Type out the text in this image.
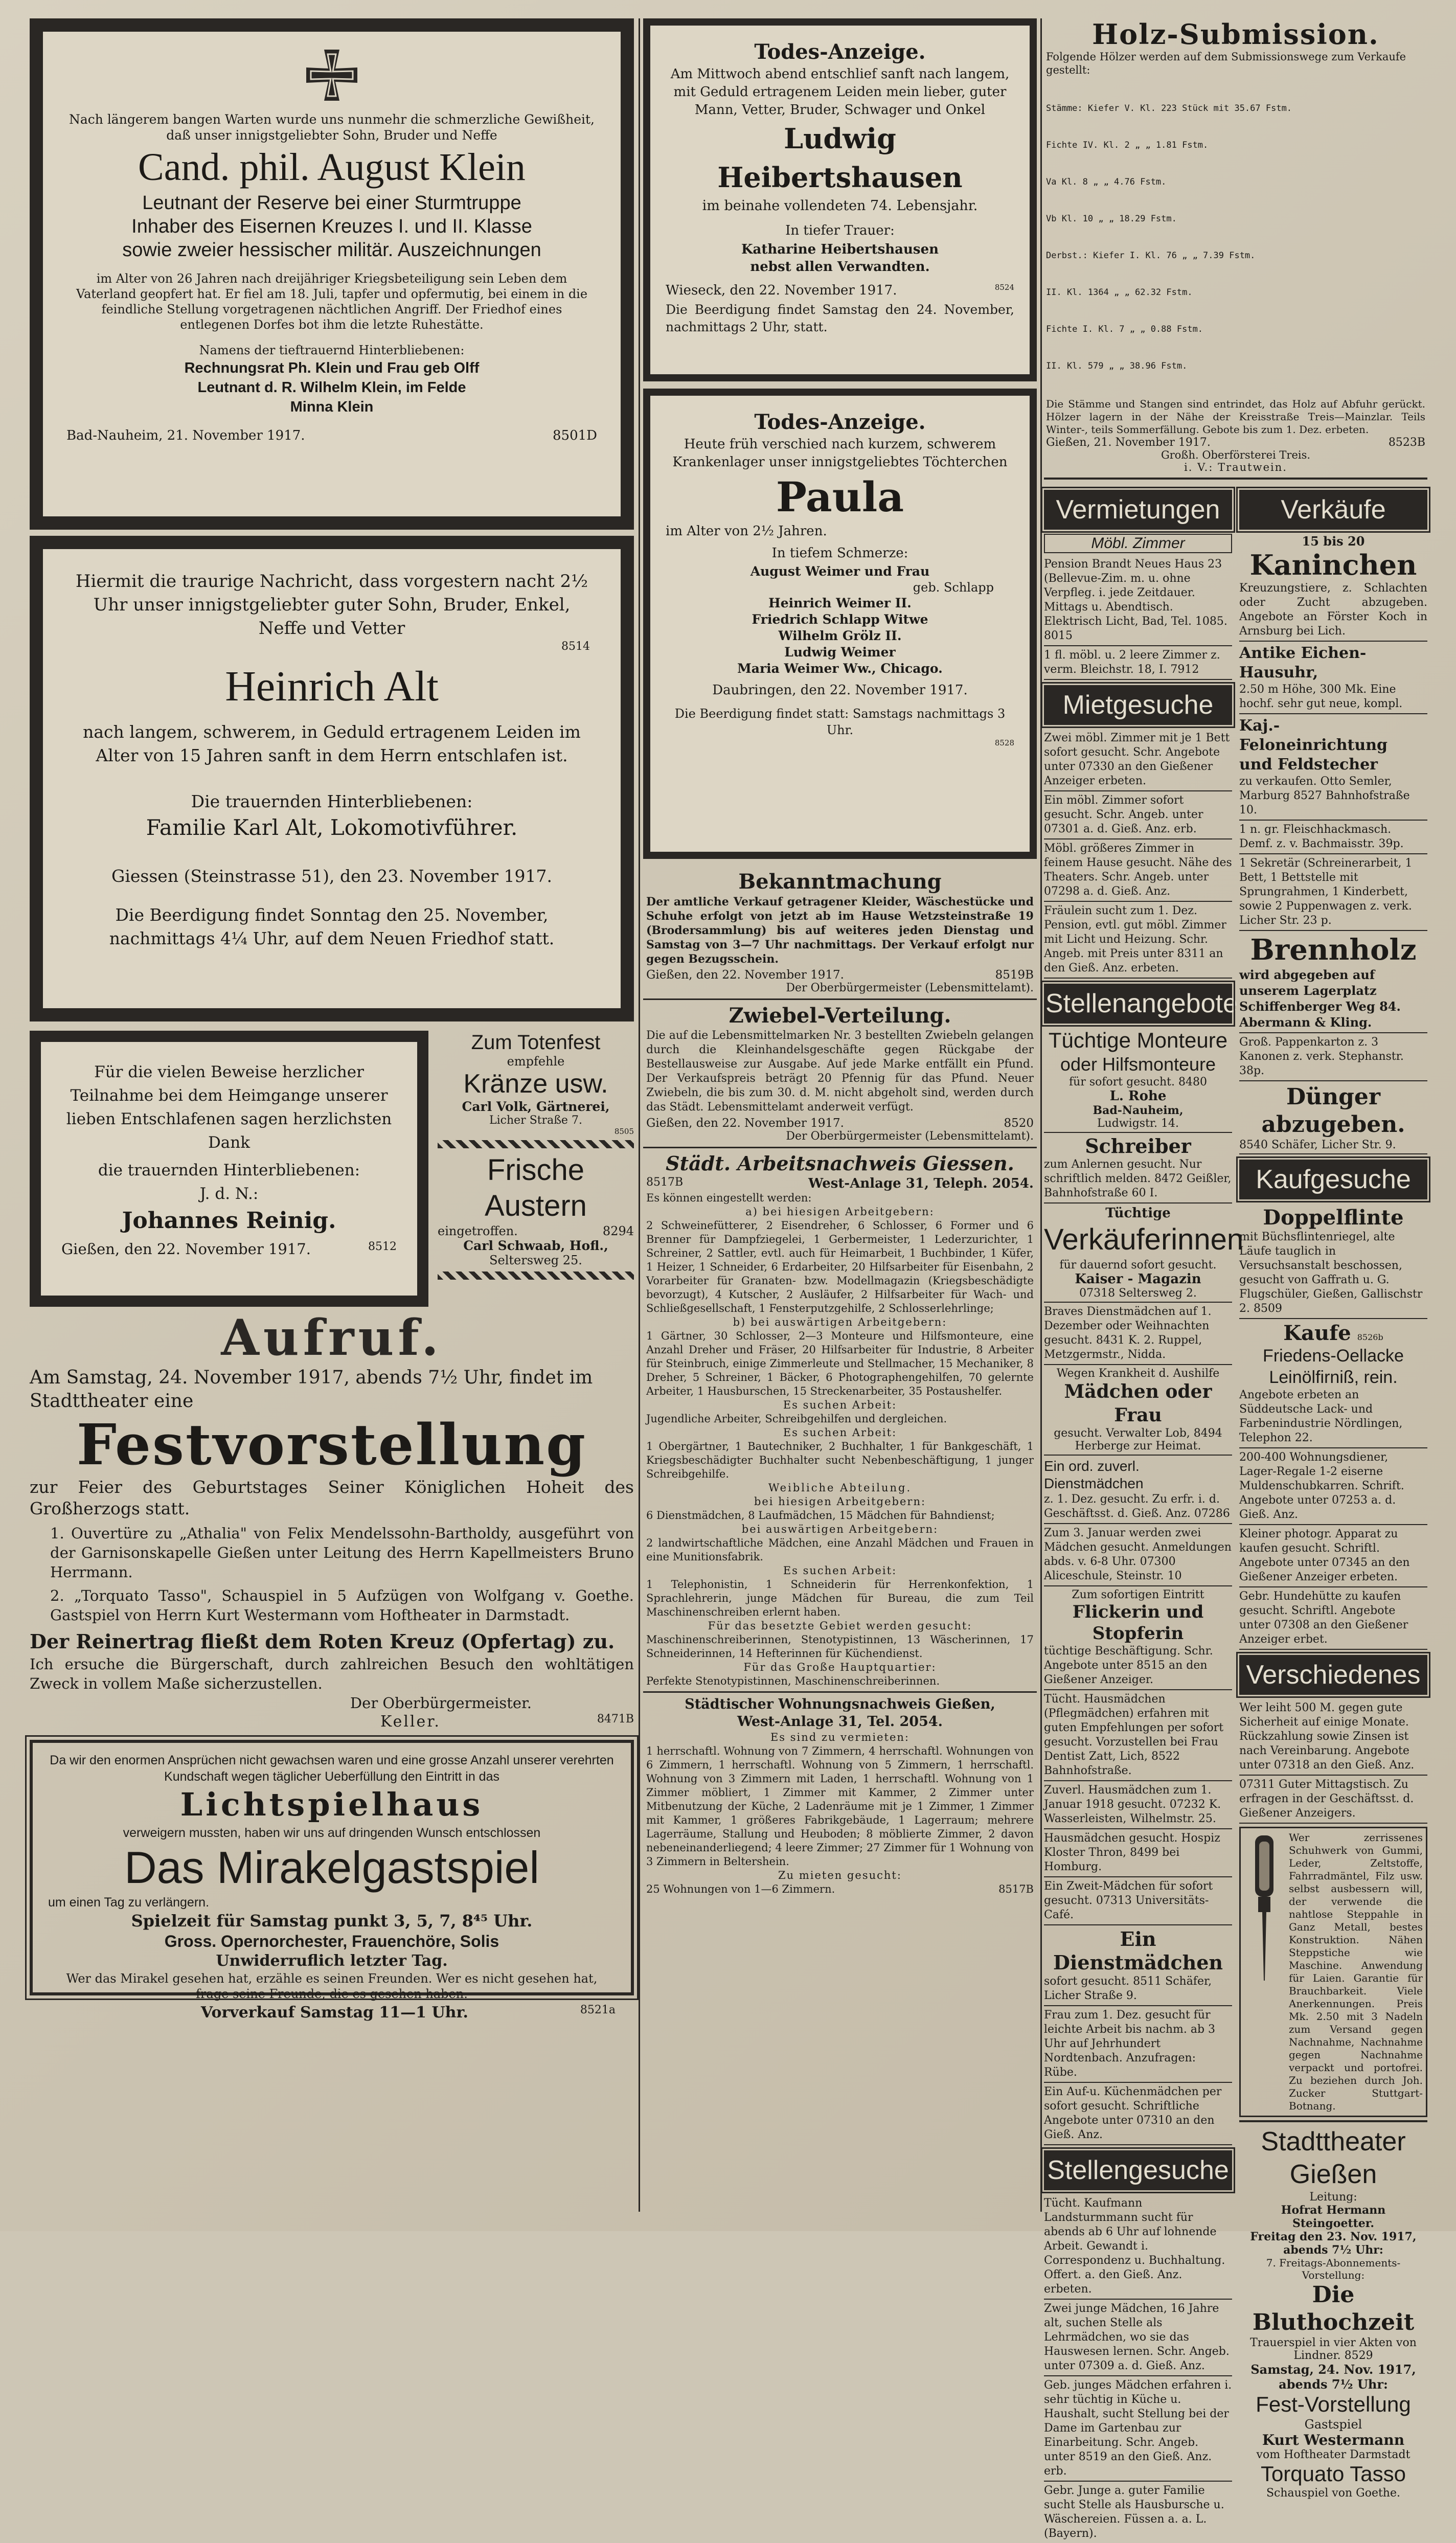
Nach längerem bangen Warten wurde uns nunmehr die schmerzliche Gewißheit, daß unser innigstgeliebter Sohn, Bruder und Neffe

Cand. phil. August Klein

Leutnant der Reserve bei einer Sturmtruppe

Inhaber des Eisernen Kreuzes I. und II. Klasse

sowie zweier hessischer militär. Auszeichnungen

im Alter von 26 Jahren nach dreijähriger Kriegsbeteiligung sein Leben dem Vaterland geopfert hat. Er fiel am 18. Juli, tapfer und opfermutig, bei einem in die feindliche Stellung vorgetragenen nächtlichen Angriff. Der Friedhof eines entlegenen Dorfes bot ihm die letzte Ruhestätte.

Namens der tieftrauernd Hinterbliebenen:

Rechnungsrat Ph. Klein und Frau geb Olff

Leutnant d. R. Wilhelm Klein, im Felde

Minna Klein

Bad-Nauheim, 21. November 1917.	8501D

Hiermit die traurige Nachricht, dass vorgestern nacht 2½ Uhr unser innigstgeliebter guter Sohn, Bruder, Enkel, Neffe und Vetter

8514

Heinrich Alt

nach langem, schwerem, in Geduld ertragenem Leiden im Alter von 15 Jahren sanft in dem Herrn entschlafen ist.

Die trauernden Hinterbliebenen:

Familie Karl Alt, Lokomotivführer.

Giessen (Steinstrasse 51), den 23. November 1917.

Die Beerdigung findet Sonntag den 25. November, nachmittags 4¼ Uhr, auf dem Neuen Friedhof statt.

Für die vielen Beweise herzlicher Teilnahme bei dem Heimgange unserer lieben Entschlafenen sagen herzlichsten Dank

die trauernden Hinterbliebenen:

J. d. N.:

Johannes Reinig.

Gießen, den 22. November 1917.	8512

Zum Totenfest

empfehle

Kränze usw.

Carl Volk, Gärtnerei,

Licher Straße 7.

8505

Frische Austern

eingetroffen.	8294

Carl Schwaab, Hofl.,

Seltersweg 25.

Aufruf.

Am Samstag, 24. November 1917, abends 7½ Uhr, findet im Stadttheater eine

Festvorstellung

zur Feier des Geburtstages Seiner Königlichen Hoheit des Großherzogs statt.

1. Ouvertüre zu „Athalia" von Felix Mendelssohn-Bartholdy, ausgeführt von der Garnisonskapelle Gießen unter Leitung des Herrn Kapellmeisters Bruno Herrmann.

2. „Torquato Tasso", Schauspiel in 5 Aufzügen von Wolfgang v. Goethe. Gastspiel von Herrn Kurt Westermann vom Hoftheater in Darmstadt.

Der Reinertrag fließt dem Roten Kreuz (Opfertag) zu.

Ich ersuche die Bürgerschaft, durch zahlreichen Besuch den wohltätigen Zweck in vollem Maße sicherzustellen.

Der Oberbürgermeister.

Keller.	8471B

Da wir den enormen Ansprüchen nicht gewachsen waren und eine grosse Anzahl unserer verehrten Kundschaft wegen täglicher Ueberfüllung den Eintritt in das

Lichtspielhaus

verweigern mussten, haben wir uns auf dringenden Wunsch entschlossen

Das Mirakelgastspiel

um einen Tag zu verlängern.

Spielzeit für Samstag punkt 3, 5, 7, 8⁴⁵ Uhr.

Gross. Opernorchester, Frauenchöre, Solis

Unwiderruflich letzter Tag.

Wer das Mirakel gesehen hat, erzähle es seinen Freunden. Wer es nicht gesehen hat, frage seine Freunde, die es gesehen haben.

Vorverkauf Samstag 11—1 Uhr.	8521a

Todes-Anzeige.

Am Mittwoch abend entschlief sanft nach langem, mit Geduld ertragenem Leiden mein lieber, guter Mann, Vetter, Bruder, Schwager und Onkel

Ludwig Heibertshausen

im beinahe vollendeten 74. Lebensjahr.

In tiefer Trauer:

Katharine Heibertshausen

nebst allen Verwandten.

Wieseck, den 22. November 1917.	8524

Die Beerdigung findet Samstag den 24. November, nachmittags 2 Uhr, statt.

Todes-Anzeige.

Heute früh verschied nach kurzem, schwerem Krankenlager unser innigstgeliebtes Töchterchen

Paula

im Alter von 2½ Jahren.

In tiefem Schmerze:

August Weimer und Frau

geb. Schlapp

Heinrich Weimer II.

Friedrich Schlapp Witwe

Wilhelm Grölz II.

Ludwig Weimer

Maria Weimer Ww., Chicago.

Daubringen, den 22. November 1917.

Die Beerdigung findet statt: Samstags nachmittags 3 Uhr.

8528

Bekanntmachung

Der amtliche Verkauf getragener Kleider, Wäschestücke und Schuhe erfolgt von jetzt ab im Hause Wetzsteinstraße 19 (Brodersammlung) bis auf weiteres jeden Dienstag und Samstag von 3—7 Uhr nachmittags. Der Verkauf erfolgt nur gegen Bezugsschein.

Gießen, den 22. November 1917.	8519B

Der Oberbürgermeister (Lebensmittelamt).

Zwiebel-Verteilung.

Die auf die Lebensmittelmarken Nr. 3 bestellten Zwiebeln gelangen durch die Kleinhandelsgeschäfte gegen Rückgabe der Bestellausweise zur Ausgabe. Auf jede Marke entfällt ein Pfund. Der Verkaufspreis beträgt 20 Pfennig für das Pfund. Neuer Zwiebeln, die bis zum 30. d. M. nicht abgeholt sind, werden durch das Städt. Lebensmittelamt anderweit verfügt.

Gießen, den 22. November 1917.	8520

Der Oberbürgermeister (Lebensmittelamt).

Städt. Arbeitsnachweis Giessen.

8517B	West-Anlage 31, Teleph. 2054.

Es können eingestellt werden:

a) bei hiesigen Arbeitgebern:

2 Schweinefütterer, 2 Eisendreher, 6 Schlosser, 6 Former und 6 Brenner für Dampfziegelei, 1 Gerbermeister, 1 Lederzurichter, 1 Schreiner, 2 Sattler, evtl. auch für Heimarbeit, 1 Buchbinder, 1 Küfer, 1 Heizer, 1 Schneider, 6 Erdarbeiter, 20 Hilfsarbeiter für Eisenbahn, 2 Vorarbeiter für Granaten- bzw. Modellmagazin (Kriegsbeschädigte bevorzugt), 4 Kutscher, 2 Ausläufer, 2 Hilfsarbeiter für Wach- und Schließgesellschaft, 1 Fensterputzgehilfe, 2 Schlosserlehrlinge;

b) bei auswärtigen Arbeitgebern:

1 Gärtner, 30 Schlosser, 2—3 Monteure und Hilfsmonteure, eine Anzahl Dreher und Fräser, 20 Hilfsarbeiter für Industrie, 8 Arbeiter für Steinbruch, einige Zimmerleute und Stellmacher, 15 Mechaniker, 8 Dreher, 5 Schreiner, 1 Bäcker, 6 Photographengehilfen, 70 gelernte Arbeiter, 1 Hausburschen, 15 Streckenarbeiter, 35 Postaushelfer.

Es suchen Arbeit:

Jugendliche Arbeiter, Schreibgehilfen und dergleichen.

Es suchen Arbeit:

1 Obergärtner, 1 Bautechniker, 2 Buchhalter, 1 für Bankgeschäft, 1 Kriegsbeschädigter Buchhalter sucht Nebenbeschäftigung, 1 junger Schreibgehilfe.

Weibliche Abteilung.

bei hiesigen Arbeitgebern:

6 Dienstmädchen, 8 Laufmädchen, 15 Mädchen für Bahndienst;

bei auswärtigen Arbeitgebern:

2 landwirtschaftliche Mädchen, eine Anzahl Mädchen und Frauen in eine Munitionsfabrik.

Es suchen Arbeit:

1 Telephonistin, 1 Schneiderin für Herrenkonfektion, 1 Sprachlehrerin, junge Mädchen für Bureau, die zum Teil Maschinenschreiben erlernt haben.

Für das besetzte Gebiet werden gesucht:

Maschinenschreiberinnen, Stenotypistinnen, 13 Wäscherinnen, 17 Schneiderinnen, 14 Hefterinnen für Küchendienst.

Für das Große Hauptquartier:

Perfekte Stenotypistinnen, Maschinenschreiberinnen.

Städtischer Wohnungsnachweis Gießen,

West-Anlage 31, Tel. 2054.

Es sind zu vermieten:

1 herrschaftl. Wohnung von 7 Zimmern, 4 herrschaftl. Wohnungen von 6 Zimmern, 1 herrschaftl. Wohnung von 5 Zimmern, 1 herrschaftl. Wohnung von 3 Zimmern mit Laden, 1 herrschaftl. Wohnung von 1 Zimmer möbliert, 1 Zimmer mit Kammer, 2 Zimmer unter Mitbenutzung der Küche, 2 Ladenräume mit je 1 Zimmer, 1 Zimmer mit Kammer, 1 größeres Fabrikgebäude, 1 Lagerraum; mehrere Lagerräume, Stallung und Heuboden; 8 möblierte Zimmer, 2 davon nebeneinanderliegend; 4 leere Zimmer; 27 Zimmer für 1 Wohnung von 3 Zimmern in Beltershein.

Zu mieten gesucht:

25 Wohnungen von 1—6 Zimmern.	8517B

Holz-Submission.

Folgende Hölzer werden auf dem Submissionswege zum Verkaufe gestellt:

Stämme: Kiefer V. Kl. 223 Stück mit 35.67 Fstm.

Fichte IV. Kl. 2 „ „ 1.81 Fstm.

Va Kl. 8 „ „ 4.76 Fstm.

Vb Kl. 10 „ „ 18.29 Fstm.

Derbst.: Kiefer I. Kl. 76 „ „ 7.39 Fstm.

II. Kl. 1364 „ „ 62.32 Fstm.

Fichte I. Kl. 7 „ „ 0.88 Fstm.

II. Kl. 579 „ „ 38.96 Fstm.

Die Stämme und Stangen sind entrindet, das Holz auf Abfuhr gerückt. Hölzer lagern in der Nähe der Kreisstraße Treis—Mainzlar. Teils Winter-, teils Sommerfällung. Gebote bis zum 1. Dez. erbeten.

Gießen, 21. November 1917.	8523B

Großh. Oberförsterei Treis.

i. V.: Trautwein.

Vermietungen
Möbl. Zimmer

Pension Brandt Neues Haus 23 (Bellevue-Zim. m. u. ohne Verpfleg. i. jede Zeitdauer. Mittags u. Abendtisch. Elektrisch Licht, Bad, Tel. 1085. 8015

1 fl. möbl. u. 2 leere Zimmer z. verm. Bleichstr. 18, I. 7912

Mietgesuche

Zwei möbl. Zimmer mit je 1 Bett sofort gesucht. Schr. Angebote unter 07330 an den Gießener Anzeiger erbeten.

Ein möbl. Zimmer sofort gesucht. Schr. Angeb. unter 07301 a. d. Gieß. Anz. erb.

Möbl. größeres Zimmer in feinem Hause gesucht. Nähe des Theaters. Schr. Angeb. unter 07298 a. d. Gieß. Anz.

Fräulein sucht zum 1. Dez. Pension, evtl. gut möbl. Zimmer mit Licht und Heizung. Schr. Angeb. mit Preis unter 8311 an den Gieß. Anz. erbeten.

Stellenangebote

Tüchtige Monteure

oder Hilfsmonteure

für sofort gesucht. 8480

L. Rohe

Bad-Nauheim,

Ludwigstr. 14.

Schreiber

zum Anlernen gesucht. Nur schriftlich melden. 8472 Geißler, Bahnhofstraße 60 I.

Tüchtige

Verkäuferinnen

für dauernd sofort gesucht.

Kaiser - Magazin

07318 Seltersweg 2.

Braves Dienstmädchen auf 1. Dezember oder Weihnachten gesucht. 8431 K. 2. Ruppel, Metzgermstr., Nidda.

Wegen Krankheit d. Aushilfe

Mädchen oder Frau

gesucht. Verwalter Lob, 8494 Herberge zur Heimat.

Ein ord. zuverl. Dienstmädchen

z. 1. Dez. gesucht. Zu erfr. i. d. Geschäftsst. d. Gieß. Anz. 07286

Zum 3. Januar werden zwei Mädchen gesucht. Anmeldungen abds. v. 6-8 Uhr. 07300 Aliceschule, Steinstr. 10

Zum sofortigen Eintritt

Flickerin und Stopferin

tüchtige Beschäftigung. Schr. Angebote unter 8515 an den Gießener Anzeiger.

Tücht. Hausmädchen (Pflegmädchen) erfahren mit guten Empfehlungen per sofort gesucht. Vorzustellen bei Frau Dentist Zatt, Lich, 8522 Bahnhofstraße.

Zuverl. Hausmädchen zum 1. Januar 1918 gesucht. 07232 K. Wasserleisten, Wilhelmstr. 25.

Hausmädchen gesucht. Hospiz Kloster Thron, 8499 bei Homburg.

Ein Zweit-Mädchen für sofort gesucht. 07313 Universitäts-Café.

Ein Dienstmädchen

sofort gesucht. 8511 Schäfer, Licher Straße 9.

Frau zum 1. Dez. gesucht für leichte Arbeit bis nachm. ab 3 Uhr auf Jehrhundert Nordtenbach. Anzufragen: Rübe.

Ein Auf-u. Küchenmädchen per sofort gesucht. Schriftliche Angebote unter 07310 an den Gieß. Anz.

Stellengesuche

Tücht. Kaufmann Landsturmmann sucht für abends ab 6 Uhr auf lohnende Arbeit. Gewandt i. Correspondenz u. Buchhaltung. Offert. a. den Gieß. Anz. erbeten.

Zwei junge Mädchen, 16 Jahre alt, suchen Stelle als Lehrmädchen, wo sie das Hauswesen lernen. Schr. Angeb. unter 07309 a. d. Gieß. Anz.

Geb. junges Mädchen erfahren i. sehr tüchtig in Küche u. Haushalt, sucht Stellung bei der Dame im Gartenbau zur Einarbeitung. Schr. Angeb. unter 8519 an den Gieß. Anz. erb.

Gebr. Junge a. guter Familie sucht Stelle als Hausbursche u. Wäschereien. Füssen a. a. L. (Bayern).

Verkäufe

15 bis 20

Kaninchen

Kreuzungstiere, z. Schlachten oder Zucht abzugeben. Angebote an Förster Koch in Arnsburg bei Lich.

Antike Eichen-Hausuhr,

2.50 m Höhe, 300 Mk. Eine hochf. sehr gut neue, kompl.

Kaj.-Feloneinrichtung

und Feldstecher

zu verkaufen. Otto Semler, Marburg 8527 Bahnhofstraße 10.

1 n. gr. Fleischhackmasch. Demf. z. v. Bachmaisstr. 39p.

1 Sekretär (Schreinerarbeit, 1 Bett, 1 Bettstelle mit Sprungrahmen, 1 Kinderbett, sowie 2 Puppenwagen z. verk. Licher Str. 23 p.

Brennholz

wird abgegeben auf unserem Lagerplatz Schiffenberger Weg 84. Abermann & Kling.

Groß. Pappenkarton z. 3 Kanonen z. verk. Stephanstr. 38p.

Dünger abzugeben.

8540 Schäfer, Licher Str. 9.

Kaufgesuche

Doppelflinte

mit Büchsflintenriegel, alte Läufe tauglich in Versuchsanstalt beschossen, gesucht von Gaffrath u. G. Flugschüler, Gießen, Gallischstr 2. 8509

Kaufe 8526b

Friedens-Oellacke Leinölfirniß, rein.

Angebote erbeten an Süddeutsche Lack- und Farbenindustrie Nördlingen, Telephon 22.

200-400 Wohnungsdiener, Lager-Regale 1-2 eiserne Muldenschubkarren. Schrift. Angebote unter 07253 a. d. Gieß. Anz.

Kleiner photogr. Apparat zu kaufen gesucht. Schriftl. Angebote unter 07345 an den Gießener Anzeiger erbeten.

Gebr. Hundehütte zu kaufen gesucht. Schriftl. Angebote unter 07308 an den Gießener Anzeiger erbet.

Verschiedenes

Wer leiht 500 M. gegen gute Sicherheit auf einige Monate. Rückzahlung sowie Zinsen ist nach Vereinbarung. Angebote unter 07318 an den Gieß. Anz.

07311 Guter Mittagstisch. Zu erfragen in der Geschäftsst. d. Gießener Anzeigers.

Wer zerrissenes Schuhwerk von Gummi, Leder, Zeltstoffe, Fahrradmäntel, Filz usw. selbst ausbessern will, der verwende die nahtlose Steppahle in Ganz Metall, bestes Konstruktion. Nähen Steppstiche wie Maschine. Anwendung für Laien. Garantie für Brauchbarkeit. Viele Anerkennungen. Preis Mk. 2.50 mit 3 Nadeln zum Versand gegen Nachnahme, Nachnahme gegen Nachnahme verpackt und portofrei. Zu beziehen durch Joh. Zucker Stuttgart-Botnang.

Stadttheater Gießen

Leitung:

Hofrat Hermann Steingoetter.

Freitag den 23. Nov. 1917, abends 7½ Uhr:

7. Freitags-Abonnements-Vorstellung:

Die Bluthochzeit

Trauerspiel in vier Akten von Lindner. 8529

Samstag, 24. Nov. 1917, abends 7½ Uhr:

Fest-Vorstellung

Gastspiel

Kurt Westermann

vom Hoftheater Darmstadt

Torquato Tasso

Schauspiel von Goethe.
